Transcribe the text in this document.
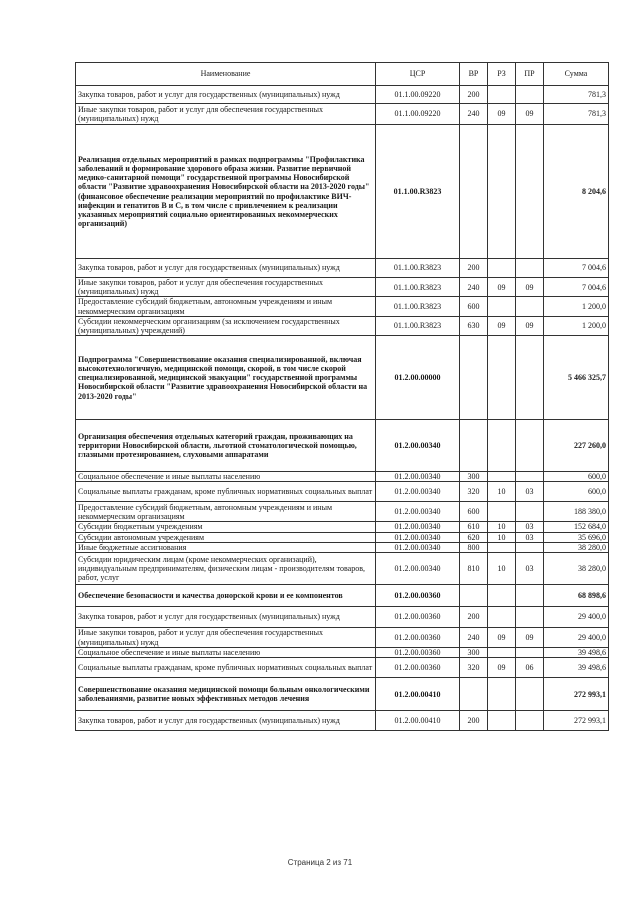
Наименование	ЦСР	ВР	РЗ	ПР	Сумма
Закупка товаров, работ и услуг для государственных (муниципальных) нужд	01.1.00.09220	200			781,3
Иные закупки товаров, работ и услуг для обеспечения государственных (муниципальных) нужд	01.1.00.09220	240	09	09	781,3
Реализация отдельных мероприятий в рамках подпрограммы "Профилактика заболеваний и формирование здорового образа жизни. Развитие первичной медико-санитарной помощи" государственной программы Новосибирской области "Развитие здравоохранения Новосибирской области на 2013-2020 годы" (финансовое обеспечение реализации мероприятий по профилактике ВИЧ-инфекции и гепатитов В и С, в том числе с привлечением к реализации указанных мероприятий социально ориентированных некоммерческих организаций)	01.1.00.R3823				8 204,6
Закупка товаров, работ и услуг для государственных (муниципальных) нужд	01.1.00.R3823	200			7 004,6
Иные закупки товаров, работ и услуг для обеспечения государственных (муниципальных) нужд	01.1.00.R3823	240	09	09	7 004,6
Предоставление субсидий бюджетным, автономным учреждениям и иным некоммерческим организациям	01.1.00.R3823	600			1 200,0
Субсидии некоммерческим организациям (за исключением государственных (муниципальных) учреждений)	01.1.00.R3823	630	09	09	1 200,0
Подпрограмма "Совершенствование оказания специализированной, включая высокотехнологичную, медицинской помощи, скорой, в том числе скорой специализированной, медицинской эвакуации" государственной программы Новосибирской области "Развитие здравоохранения Новосибирской области на 2013-2020 годы"	01.2.00.00000				5 466 325,7
Организация обеспечения отдельных категорий граждан, проживающих на территории Новосибирской области, льготной стоматологической помощью, глазными протезированием, слуховыми аппаратами	01.2.00.00340				227 260,0
Социальное обеспечение и иные выплаты населению	01.2.00.00340	300			600,0
Социальные выплаты гражданам, кроме публичных нормативных социальных выплат	01.2.00.00340	320	10	03	600,0
Предоставление субсидий бюджетным, автономным учреждениям и иным некоммерческим организациям	01.2.00.00340	600			188 380,0
Субсидии бюджетным учреждениям	01.2.00.00340	610	10	03	152 684,0
Субсидии автономным учреждениям	01.2.00.00340	620	10	03	35 696,0
Иные бюджетные ассигнования	01.2.00.00340	800			38 280,0
Субсидии юридическим лицам (кроме некоммерческих организаций), индивидуальным предпринимателям, физическим лицам - производителям товаров, работ, услуг	01.2.00.00340	810	10	03	38 280,0
Обеспечение безопасности и качества донорской крови и ее компонентов	01.2.00.00360				68 898,6
Закупка товаров, работ и услуг для государственных (муниципальных) нужд	01.2.00.00360	200			29 400,0
Иные закупки товаров, работ и услуг для обеспечения государственных (муниципальных) нужд	01.2.00.00360	240	09	09	29 400,0
Социальное обеспечение и иные выплаты населению	01.2.00.00360	300			39 498,6
Социальные выплаты гражданам, кроме публичных нормативных социальных выплат	01.2.00.00360	320	09	06	39 498,6
Совершенствование оказания медицинской помощи больным онкологическими заболеваниями, развитие новых эффективных методов лечения	01.2.00.00410				272 993,1
Закупка товаров, работ и услуг для государственных (муниципальных) нужд	01.2.00.00410	200			272 993,1
Страница 2 из 71
